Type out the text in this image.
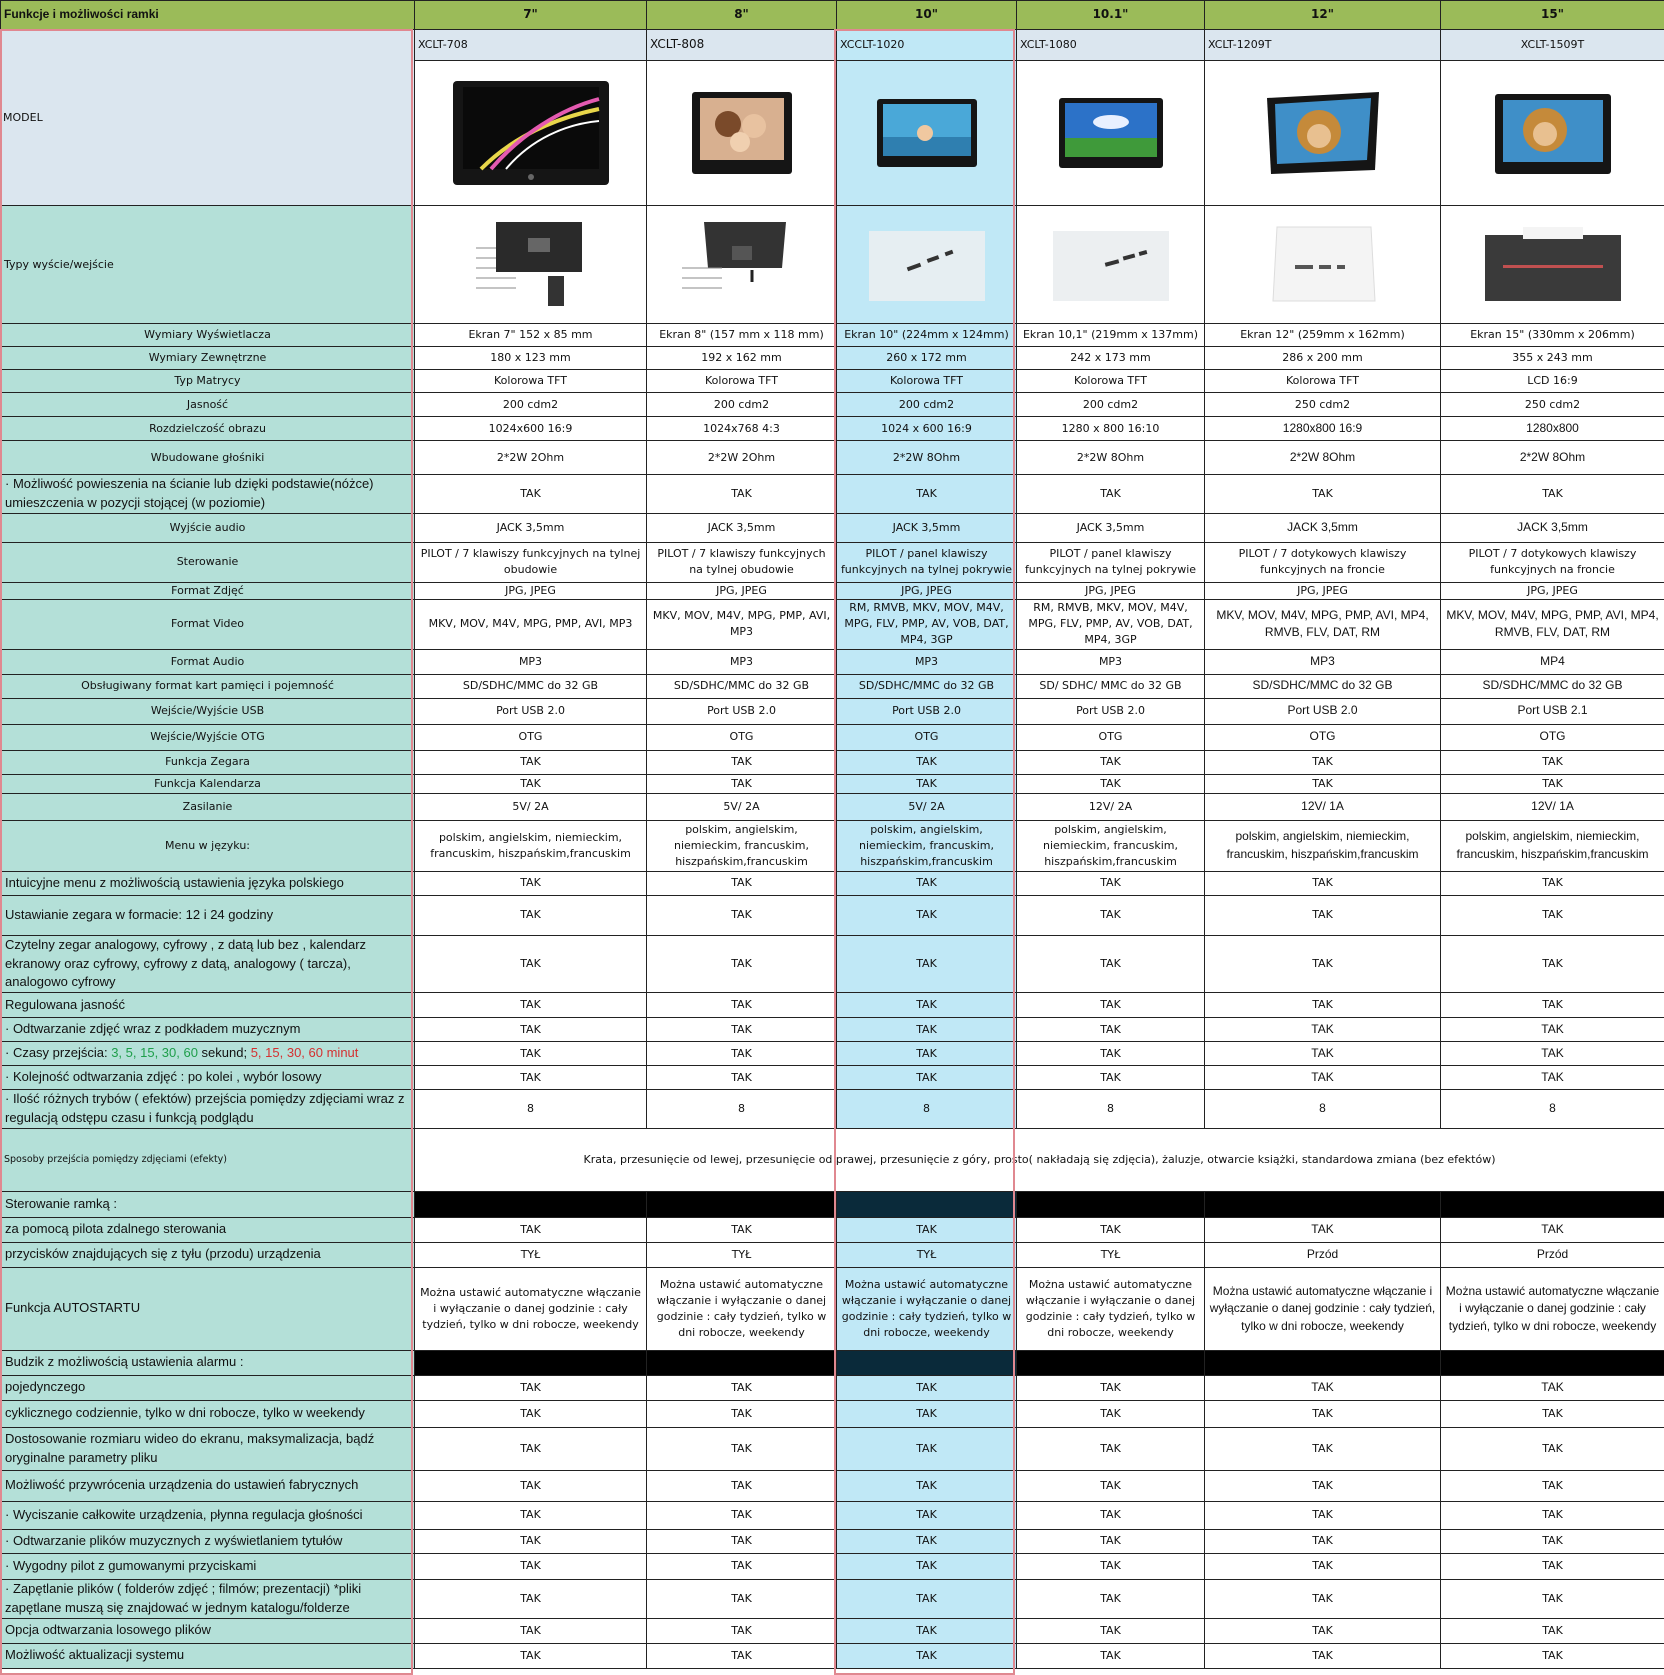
Funkcje i możliwości ramki	7"	8"	10"	10.1"	12"	15"
MODEL	XCLT-708	XCLT-808	XCCLT-1020	XCLT-1080	XCLT-1209T	XCLT-1509T

Typy wyście/wejście	

Wymiary Wyświetlacza	Ekran 7" 152 x 85 mm	Ekran 8" (157 mm x 118 mm)	Ekran 10" (224mm x 124mm)	Ekran 10,1" (219mm x 137mm)	Ekran 12" (259mm x 162mm)	Ekran 15" (330mm x 206mm)
Wymiary Zewnętrzne	180 x 123 mm	192 x 162 mm	260 x 172 mm	242 x 173 mm	286 x 200 mm	355 x 243 mm
Typ Matrycy	Kolorowa TFT	Kolorowa TFT	Kolorowa TFT	Kolorowa TFT	Kolorowa TFT	LCD 16:9
Jasność	200 cdm2	200 cdm2	200 cdm2	200 cdm2	250 cdm2	250 cdm2
Rozdzielczość obrazu	1024x600 16:9	1024x768 4:3	1024 x 600 16:9	1280 x 800 16:10	1280x800 16:9	1280x800
Wbudowane głośniki	2*2W 2Ohm	2*2W 2Ohm	2*2W 8Ohm	2*2W 8Ohm	2*2W 8Ohm	2*2W 8Ohm
· Możliwość powieszenia na ścianie lub dzięki podstawie(nóżce) umieszczenia w pozycji stojącej (w poziomie)	TAK	TAK	TAK	TAK	TAK	TAK
Wyjście audio	JACK 3,5mm	JACK 3,5mm	JACK 3,5mm	JACK 3,5mm	JACK 3,5mm	JACK 3,5mm
Sterowanie	PILOT / 7 klawiszy funkcyjnych na tylnej obudowie	PILOT / 7 klawiszy funkcyjnych na tylnej obudowie	PILOT / panel klawiszy funkcyjnych na tylnej pokrywie	PILOT / panel klawiszy funkcyjnych na tylnej pokrywie	PILOT / 7 dotykowych klawiszy funkcyjnych na froncie	PILOT / 7 dotykowych klawiszy funkcyjnych na froncie
Format Zdjęć	JPG, JPEG	JPG, JPEG	JPG, JPEG	JPG, JPEG	JPG, JPEG	JPG, JPEG
Format Video	MKV, MOV, M4V, MPG, PMP, AVI, MP3	MKV, MOV, M4V, MPG, PMP, AVI, MP3	RM, RMVB, MKV, MOV, M4V, MPG, FLV, PMP, AV, VOB, DAT, MP4, 3GP	RM, RMVB, MKV, MOV, M4V, MPG, FLV, PMP, AV, VOB, DAT, MP4, 3GP	MKV, MOV, M4V, MPG, PMP, AVI, MP4, RMVB, FLV, DAT, RM	MKV, MOV, M4V, MPG, PMP, AVI, MP4, RMVB, FLV, DAT, RM
Format Audio	MP3	MP3	MP3	MP3	MP3	MP4
Obsługiwany format kart pamięci i pojemność	SD/SDHC/MMC do 32 GB	SD/SDHC/MMC do 32 GB	SD/SDHC/MMC do 32 GB	SD/ SDHC/ MMC do 32 GB	SD/SDHC/MMC do 32 GB	SD/SDHC/MMC do 32 GB
Wejście/Wyjście USB	Port USB 2.0	Port USB 2.0	Port USB 2.0	Port USB 2.0	Port USB 2.0	Port USB 2.1
Wejście/Wyjście OTG	OTG	OTG	OTG	OTG	OTG	OTG
Funkcja Zegara	TAK	TAK	TAK	TAK	TAK	TAK
Funkcja Kalendarza	TAK	TAK	TAK	TAK	TAK	TAK
Zasilanie	5V/ 2A	5V/ 2A	5V/ 2A	12V/ 2A	12V/ 1A	12V/ 1A
Menu w języku:	polskim, angielskim, niemieckim, francuskim, hiszpańskim,francuskim	polskim, angielskim, niemieckim, francuskim, hiszpańskim,francuskim	polskim, angielskim, niemieckim, francuskim, hiszpańskim,francuskim	polskim, angielskim, niemieckim, francuskim, hiszpańskim,francuskim	polskim, angielskim, niemieckim, francuskim, hiszpańskim,francuskim	polskim, angielskim, niemieckim, francuskim, hiszpańskim,francuskim
Intuicyjne menu z możliwością ustawienia języka polskiego	TAK	TAK	TAK	TAK	TAK	TAK
Ustawianie zegara w formacie: 12 i 24 godziny	TAK	TAK	TAK	TAK	TAK	TAK
Czytelny zegar analogowy, cyfrowy , z datą lub bez , kalendarz ekranowy oraz cyfrowy, cyfrowy z datą, analogowy ( tarcza), analogowo cyfrowy	TAK	TAK	TAK	TAK	TAK	TAK
Regulowana jasność	TAK	TAK	TAK	TAK	TAK	TAK
· Odtwarzanie zdjęć wraz z podkładem muzycznym	TAK	TAK	TAK	TAK	TAK	TAK
· Czasy przejścia: 3, 5, 15, 30, 60 sekund; 5, 15, 30, 60 minut	TAK	TAK	TAK	TAK	TAK	TAK
· Kolejność odtwarzania zdjęć : po kolei , wybór losowy	TAK	TAK	TAK	TAK	TAK	TAK
· Ilość różnych trybów ( efektów) przejścia pomiędzy zdjęciami wraz z regulacją odstępu czasu i funkcją podglądu	8	8	8	8	8	8
Sposoby przejścia pomiędzy zdjęciami (efekty)	Krata, przesunięcie od lewej, przesunięcie od prawej, przesunięcie z góry, prosto( nakładają się zdjęcia), żaluzje, otwarcie książki, standardowa zmiana (bez efektów)					
Sterowanie ramką :						
za pomocą pilota zdalnego sterowania	TAK	TAK	TAK	TAK	TAK	TAK
przycisków znajdujących się z tyłu (przodu) urządzenia	TYŁ	TYŁ	TYŁ	TYŁ	Przód	Przód
Funkcja AUTOSTARTU	Można ustawić automatyczne włączanie i wyłączanie o danej godzinie : cały tydzień, tylko w dni robocze, weekendy	Można ustawić automatyczne włączanie i wyłączanie o danej godzinie : cały tydzień, tylko w dni robocze, weekendy	Można ustawić automatyczne włączanie i wyłączanie o danej godzinie : cały tydzień, tylko w dni robocze, weekendy	Można ustawić automatyczne włączanie i wyłączanie o danej godzinie : cały tydzień, tylko w dni robocze, weekendy	Można ustawić automatyczne włączanie i wyłączanie o danej godzinie : cały tydzień, tylko w dni robocze, weekendy	Można ustawić automatyczne włączanie i wyłączanie o danej godzinie : cały tydzień, tylko w dni robocze, weekendy
Budzik z możliwością ustawienia alarmu :						
pojedynczego	TAK	TAK	TAK	TAK	TAK	TAK
cyklicznego codziennie, tylko w dni robocze, tylko w weekendy	TAK	TAK	TAK	TAK	TAK	TAK
Dostosowanie rozmiaru wideo do ekranu, maksymalizacja, bądź oryginalne parametry pliku	TAK	TAK	TAK	TAK	TAK	TAK
Możliwość przywrócenia urządzenia do ustawień fabrycznych	TAK	TAK	TAK	TAK	TAK	TAK
· Wyciszanie całkowite urządzenia, płynna regulacja głośności	TAK	TAK	TAK	TAK	TAK	TAK
· Odtwarzanie plików muzycznych z wyświetlaniem tytułów	TAK	TAK	TAK	TAK	TAK	TAK
· Wygodny pilot z gumowanymi przyciskami	TAK	TAK	TAK	TAK	TAK	TAK
· Zapętlanie plików ( folderów zdjęć ; filmów; prezentacji) *pliki zapętlane muszą się znajdować w jednym katalogu/folderze	TAK	TAK	TAK	TAK	TAK	TAK
Opcja odtwarzania losowego plików	TAK	TAK	TAK	TAK	TAK	TAK
Możliwość aktualizacji systemu	TAK	TAK	TAK	TAK	TAK	TAK
